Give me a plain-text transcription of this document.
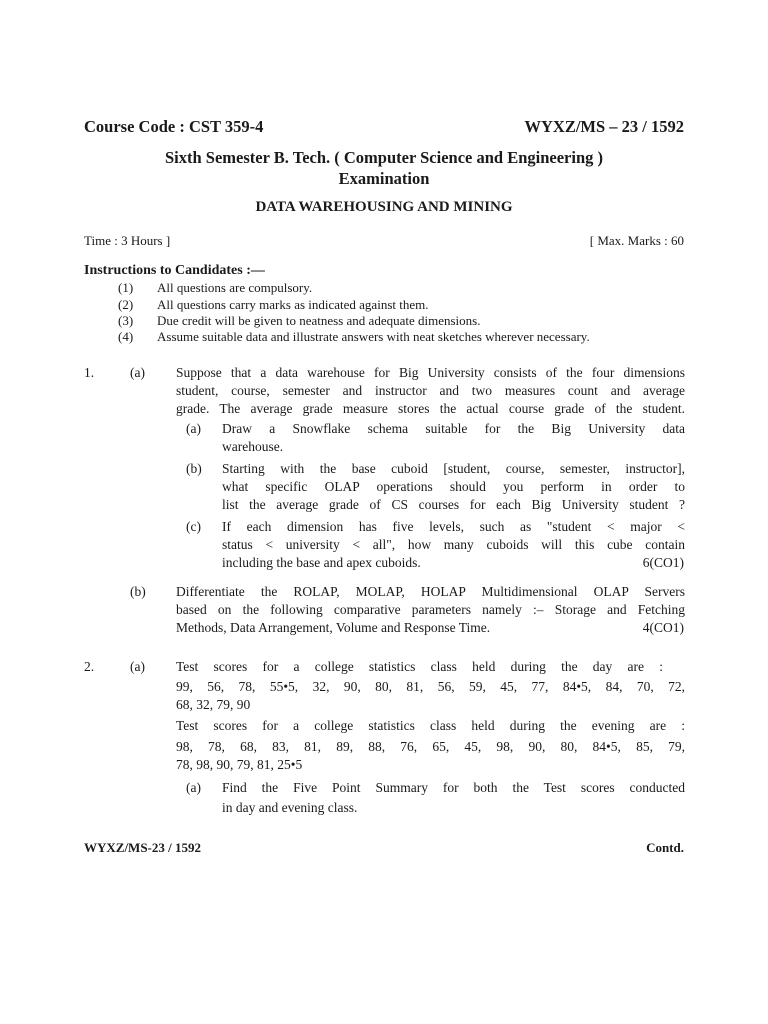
Course Code : CST 359-4	WYXZ/MS – 23 / 1592
Sixth Semester B. Tech. ( Computer Science and Engineering )
Examination
DATA WAREHOUSING AND MINING
Time : 3 Hours ]	[ Max. Marks : 60
Instructions to Candidates :—
(1) All questions are compulsory.
(2) All questions carry marks as indicated against them.
(3) Due credit will be given to neatness and adequate dimensions.
(4) Assume suitable data and illustrate answers with neat sketches wherever necessary.
1.	(a) Suppose that a data warehouse for Big University consists of the four dimensions
student, course, semester and instructor and two measures count and average
grade. The average grade measure stores the actual course grade of the student.
(a) Draw a Snowflake schema suitable for the Big University data
warehouse.
(b) Starting with the base cuboid [student, course, semester, instructor],
what specific OLAP operations should you perform in order to
list the average grade of CS courses for each Big University student ?
(c) If each dimension has five levels, such as "student < major <
status < university < all", how many cuboids will this cube contain
including the base and apex cuboids.	6(CO1)
(b) Differentiate the ROLAP, MOLAP, HOLAP Multidimensional OLAP Servers
based on the following comparative parameters namely :– Storage and Fetching
Methods, Data Arrangement, Volume and Response Time.	4(CO1)
2.	(a) Test scores for a college statistics class held during the day are :
99, 56, 78, 55•5, 32, 90, 80, 81, 56, 59, 45, 77, 84•5, 84, 70, 72,
68, 32, 79, 90
Test scores for a college statistics class held during the evening are :
98, 78, 68, 83, 81, 89, 88, 76, 65, 45, 98, 90, 80, 84•5, 85, 79,
78, 98, 90, 79, 81, 25•5
(a) Find the Five Point Summary for both the Test scores conducted
in day and evening class.
WYXZ/MS-23 / 1592	Contd.
